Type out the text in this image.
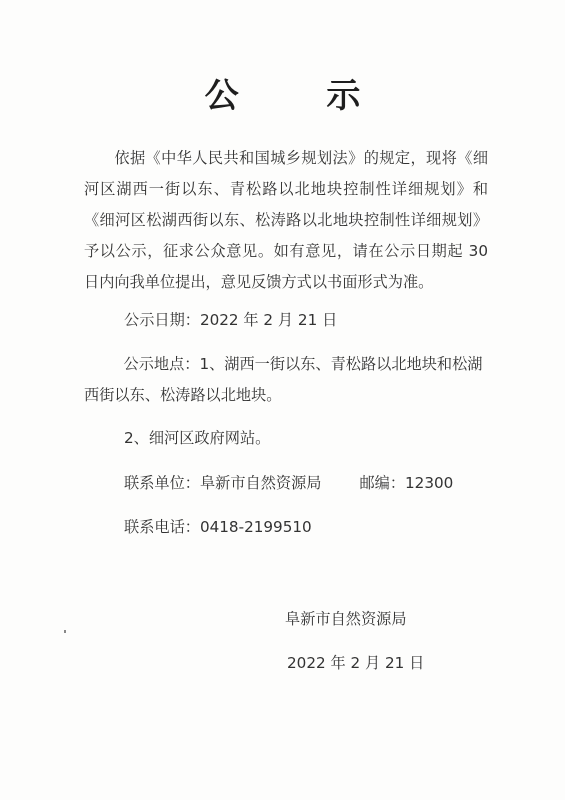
公 示
依据《中华人民共和国城乡规划法》的规定，现将《细河区湖西一街以东、青松路以北地块控制性详细规划》和《细河区松湖西街以东、松涛路以北地块控制性详细规划》予以公示，征求公众意见。如有意见，请在公示日期起 30 日内向我单位提出，意见反馈方式以书面形式为准。
公示日期：2022 年 2 月 21 日
公示地点：1、湖西一街以东、青松路以北地块和松湖西街以东、松涛路以北地块。
2、细河区政府网站。
联系单位：阜新市自然资源局	邮编：12300
联系电话：0418-2199510
阜新市自然资源局
2022 年 2 月 21 日
